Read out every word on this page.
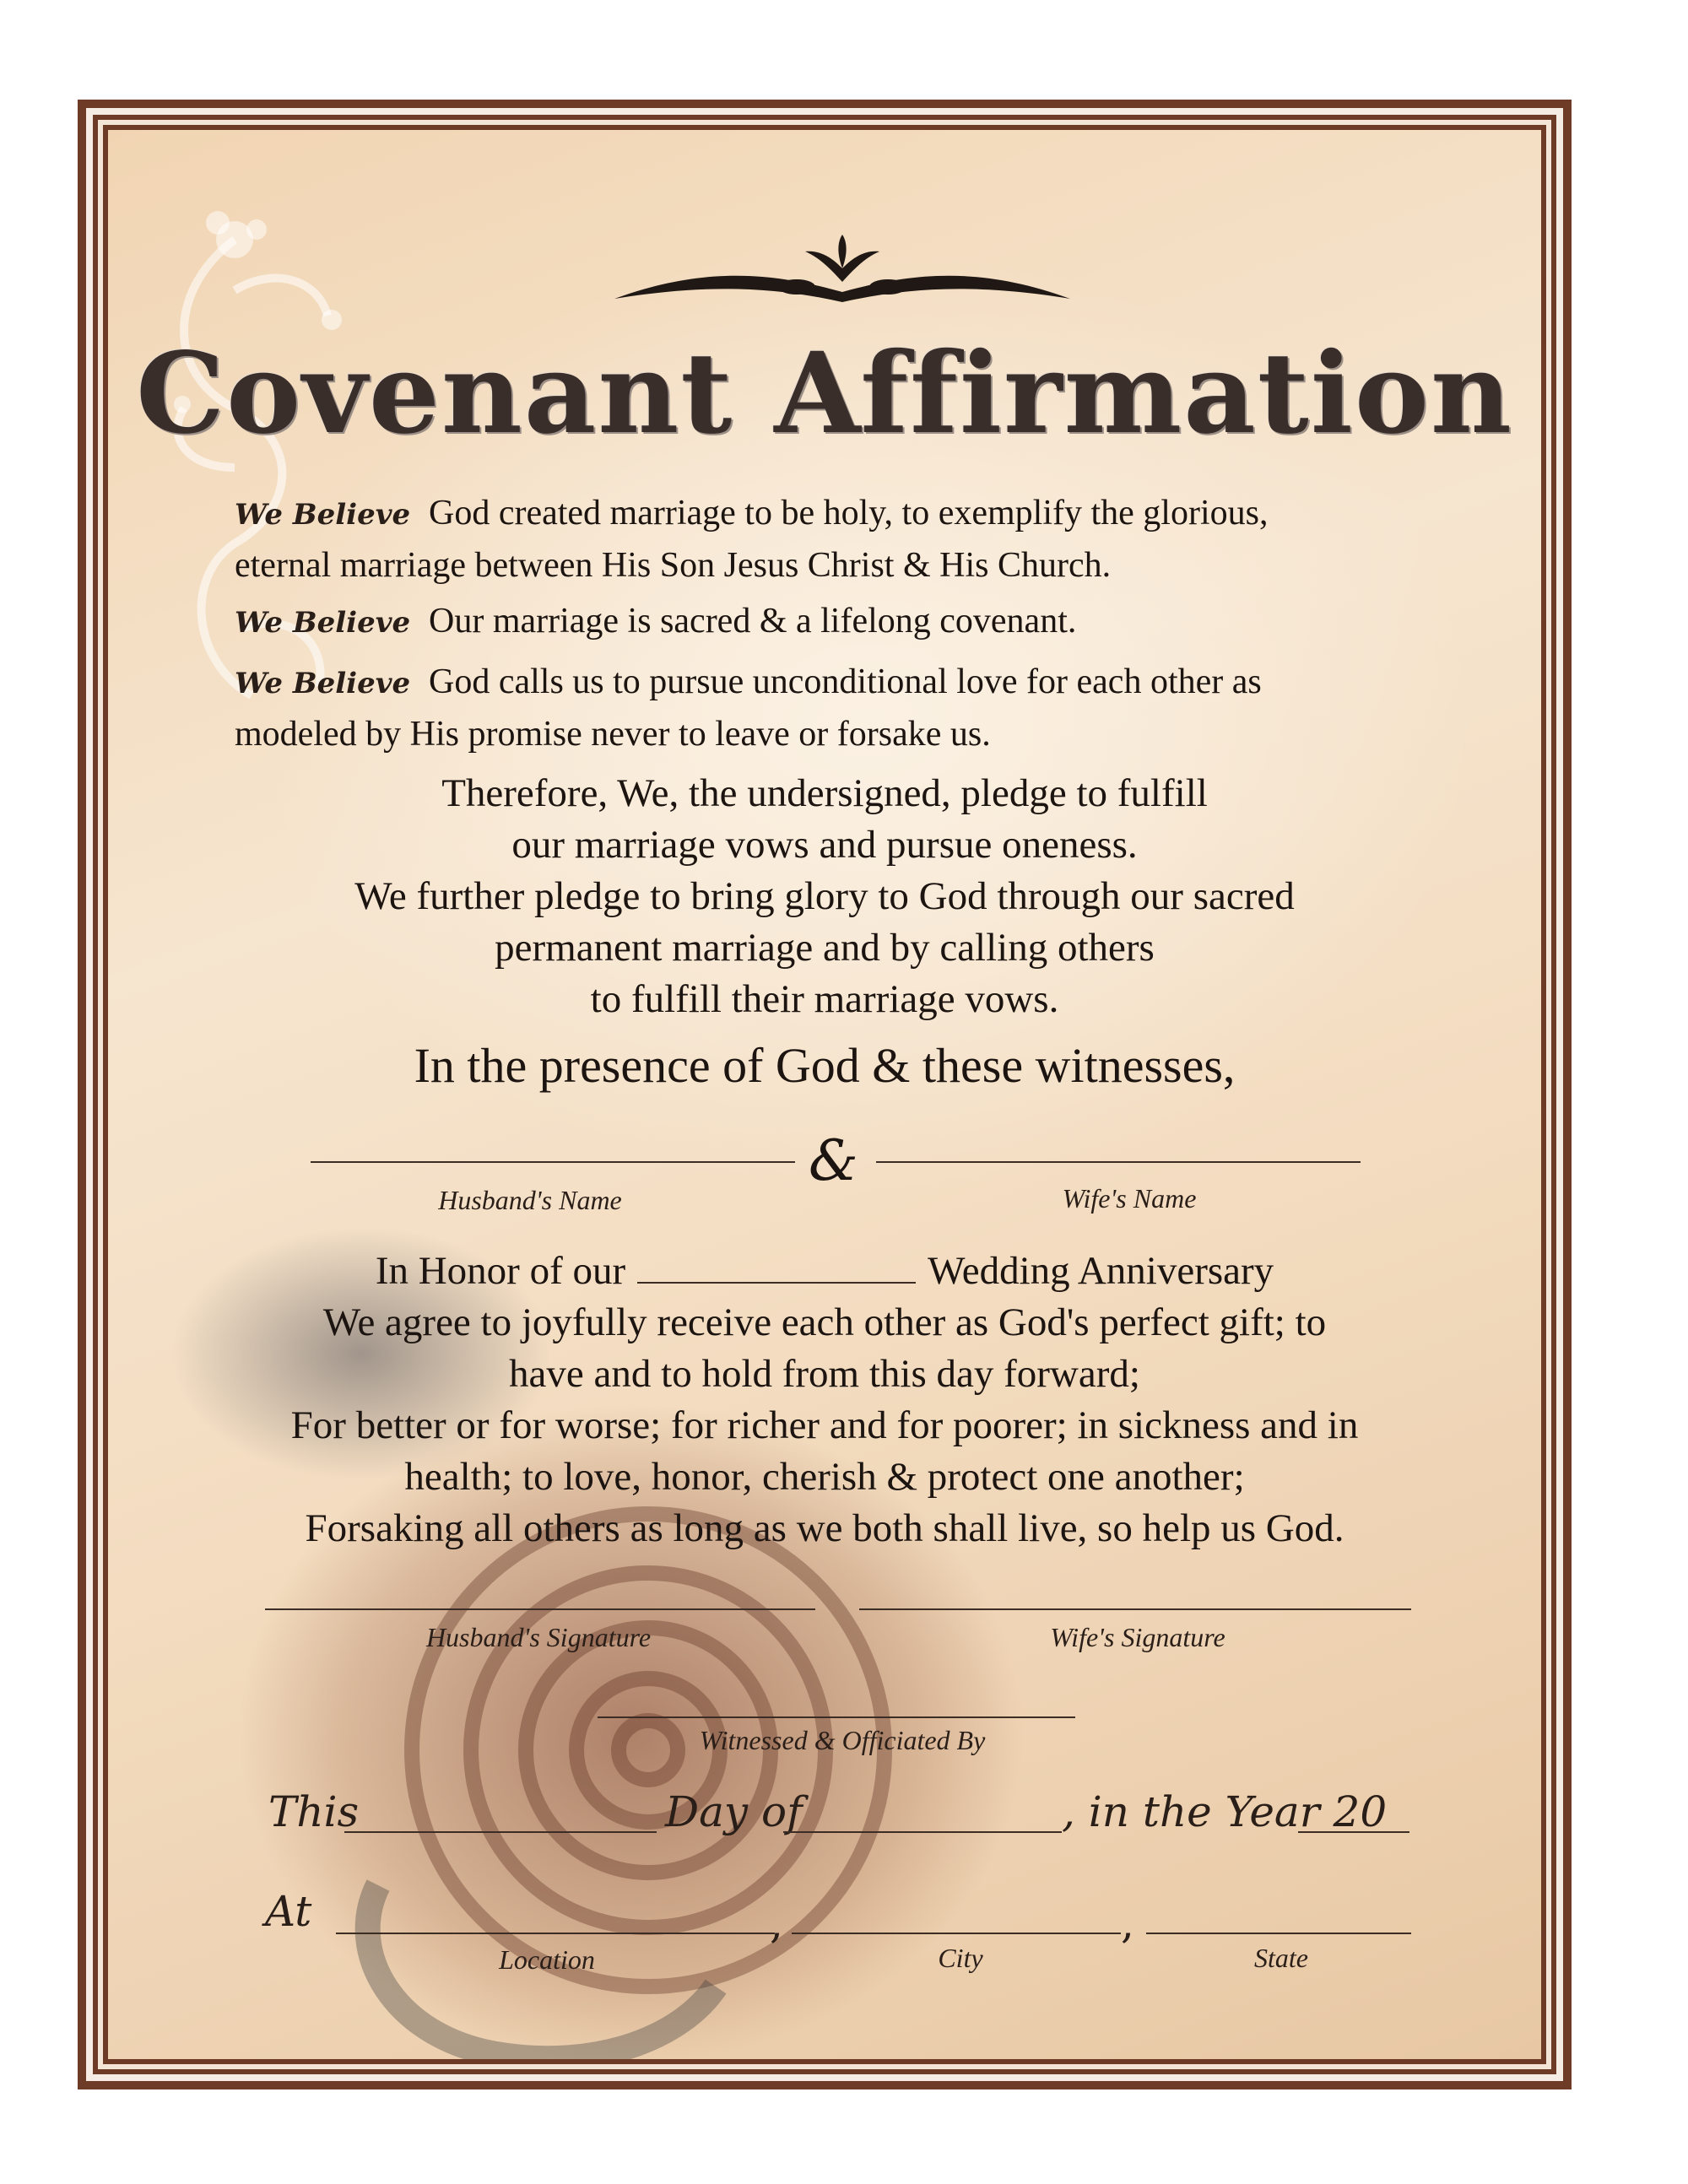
Covenant Affirmation
We Believe God created marriage to be holy, to exemplify the glorious,
eternal marriage between His Son Jesus Christ & His Church.
We Believe Our marriage is sacred & a lifelong covenant.
We Believe God calls us to pursue unconditional love for each other as
modeled by His promise never to leave or forsake us.
Therefore, We, the undersigned, pledge to fulfill
our marriage vows and pursue oneness.
We further pledge to bring glory to God through our sacred
permanent marriage and by calling others
to fulfill their marriage vows.
In the presence of God & these witnesses,
&
Husband's Name	Wife's Name
In Honor of our	Wedding Anniversary
We agree to joyfully receive each other as God's perfect gift; to
have and to hold from this day forward;
For better or for worse; for richer and for poorer; in sickness and in
health; to love, honor, cherish & protect one another;
Forsaking all others as long as we both shall live, so help us God.
Husband's Signature	Wife's Signature
Witnessed & Officiated By
This	Day of	, in the Year 20
At	,	,
Location	City	State
